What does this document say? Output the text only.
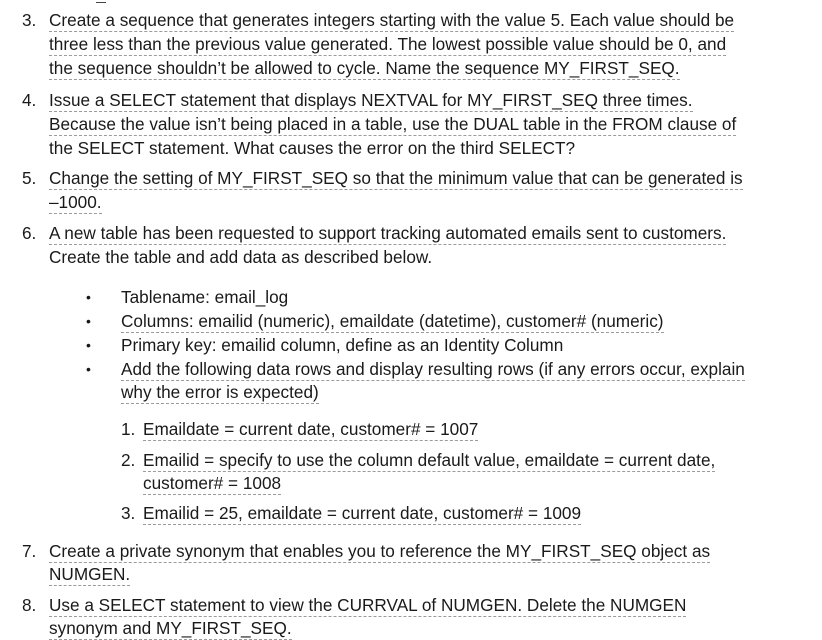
3. Create a sequence that generates integers starting with the value 5. Each value should be
three less than the previous value generated. The lowest possible value should be 0, and
the sequence shouldn’t be allowed to cycle. Name the sequence MY_FIRST_SEQ.
4. Issue a SELECT statement that displays NEXTVAL for MY_FIRST_SEQ three times.
Because the value isn’t being placed in a table, use the DUAL table in the FROM clause of
the SELECT statement. What causes the error on the third SELECT?
5. Change the setting of MY_FIRST_SEQ so that the minimum value that can be generated is
–1000.
6. A new table has been requested to support tracking automated emails sent to customers.
Create the table and add data as described below.
• Tablename: email_log
• Columns: emailid (numeric), emaildate (datetime), customer# (numeric)
• Primary key: emailid column, define as an Identity Column
• Add the following data rows and display resulting rows (if any errors occur, explain
why the error is expected)
1. Emaildate = current date, customer# = 1007
2. Emailid = specify to use the column default value, emaildate = current date,
customer# = 1008
3. Emailid = 25, emaildate = current date, customer# = 1009
7. Create a private synonym that enables you to reference the MY_FIRST_SEQ object as
NUMGEN.
8. Use a SELECT statement to view the CURRVAL of NUMGEN. Delete the NUMGEN
synonym and MY_FIRST_SEQ.
